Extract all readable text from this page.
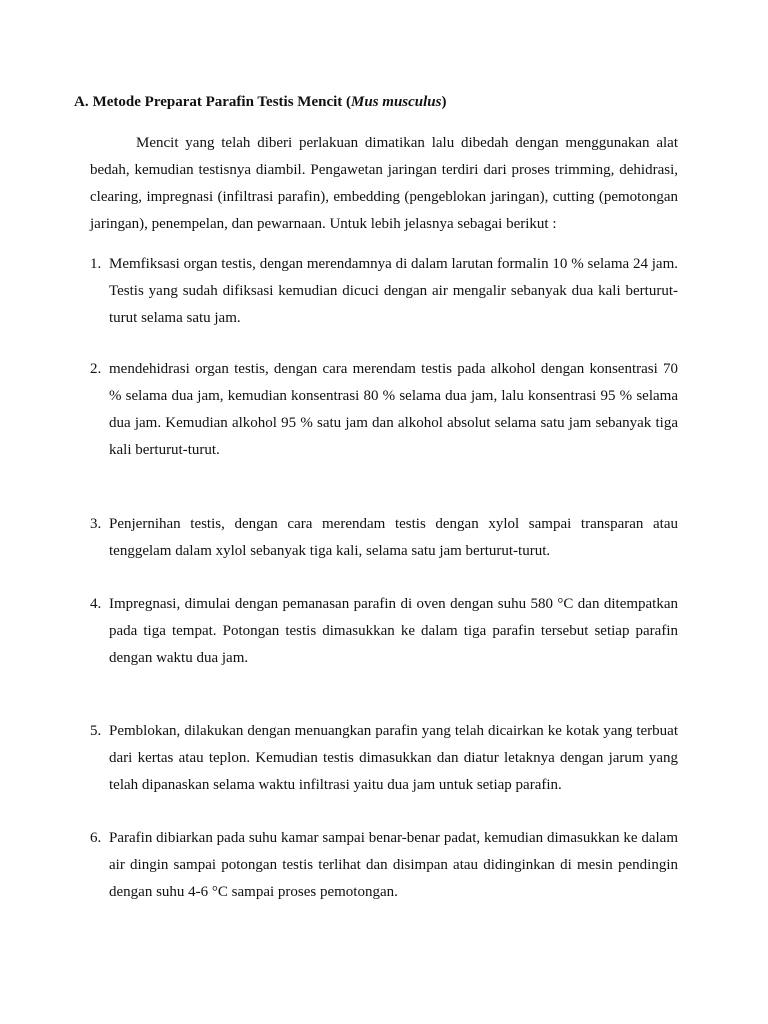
A. Metode Preparat Parafin Testis Mencit (Mus musculus)

Mencit yang telah diberi perlakuan dimatikan lalu dibedah dengan menggunakan alat bedah, kemudian testisnya diambil. Pengawetan jaringan terdiri dari proses trimming, dehidrasi, clearing, impregnasi (infiltrasi parafin), embedding (pengeblokan jaringan), cutting (pemotongan jaringan), penempelan, dan pewarnaan. Untuk lebih jelasnya sebagai berikut :

1. Memfiksasi organ testis, dengan merendamnya di dalam larutan formalin 10 % selama 24 jam. Testis yang sudah difiksasi kemudian dicuci dengan air mengalir sebanyak dua kali berturut-turut selama satu jam.
2. mendehidrasi organ testis, dengan cara merendam testis pada alkohol dengan konsentrasi 70 % selama dua jam, kemudian konsentrasi 80 % selama dua jam, lalu konsentrasi 95 % selama dua jam. Kemudian alkohol 95 % satu jam dan alkohol absolut selama satu jam sebanyak tiga kali berturut-turut.
3. Penjernihan testis, dengan cara merendam testis dengan xylol sampai transparan atau tenggelam dalam xylol sebanyak tiga kali, selama satu jam berturut-turut.
4. Impregnasi, dimulai dengan pemanasan parafin di oven dengan suhu 580 °C dan ditempatkan pada tiga tempat. Potongan testis dimasukkan ke dalam tiga parafin tersebut setiap parafin dengan waktu dua jam.
5. Pemblokan, dilakukan dengan menuangkan parafin yang telah dicairkan ke kotak yang terbuat dari kertas atau teplon. Kemudian testis dimasukkan dan diatur letaknya dengan jarum yang telah dipanaskan selama waktu infiltrasi yaitu dua jam untuk setiap parafin.
6. Parafin dibiarkan pada suhu kamar sampai benar-benar padat, kemudian dimasukkan ke dalam air dingin sampai potongan testis terlihat dan disimpan atau didinginkan di mesin pendingin dengan suhu 4-6 °C sampai proses pemotongan.
